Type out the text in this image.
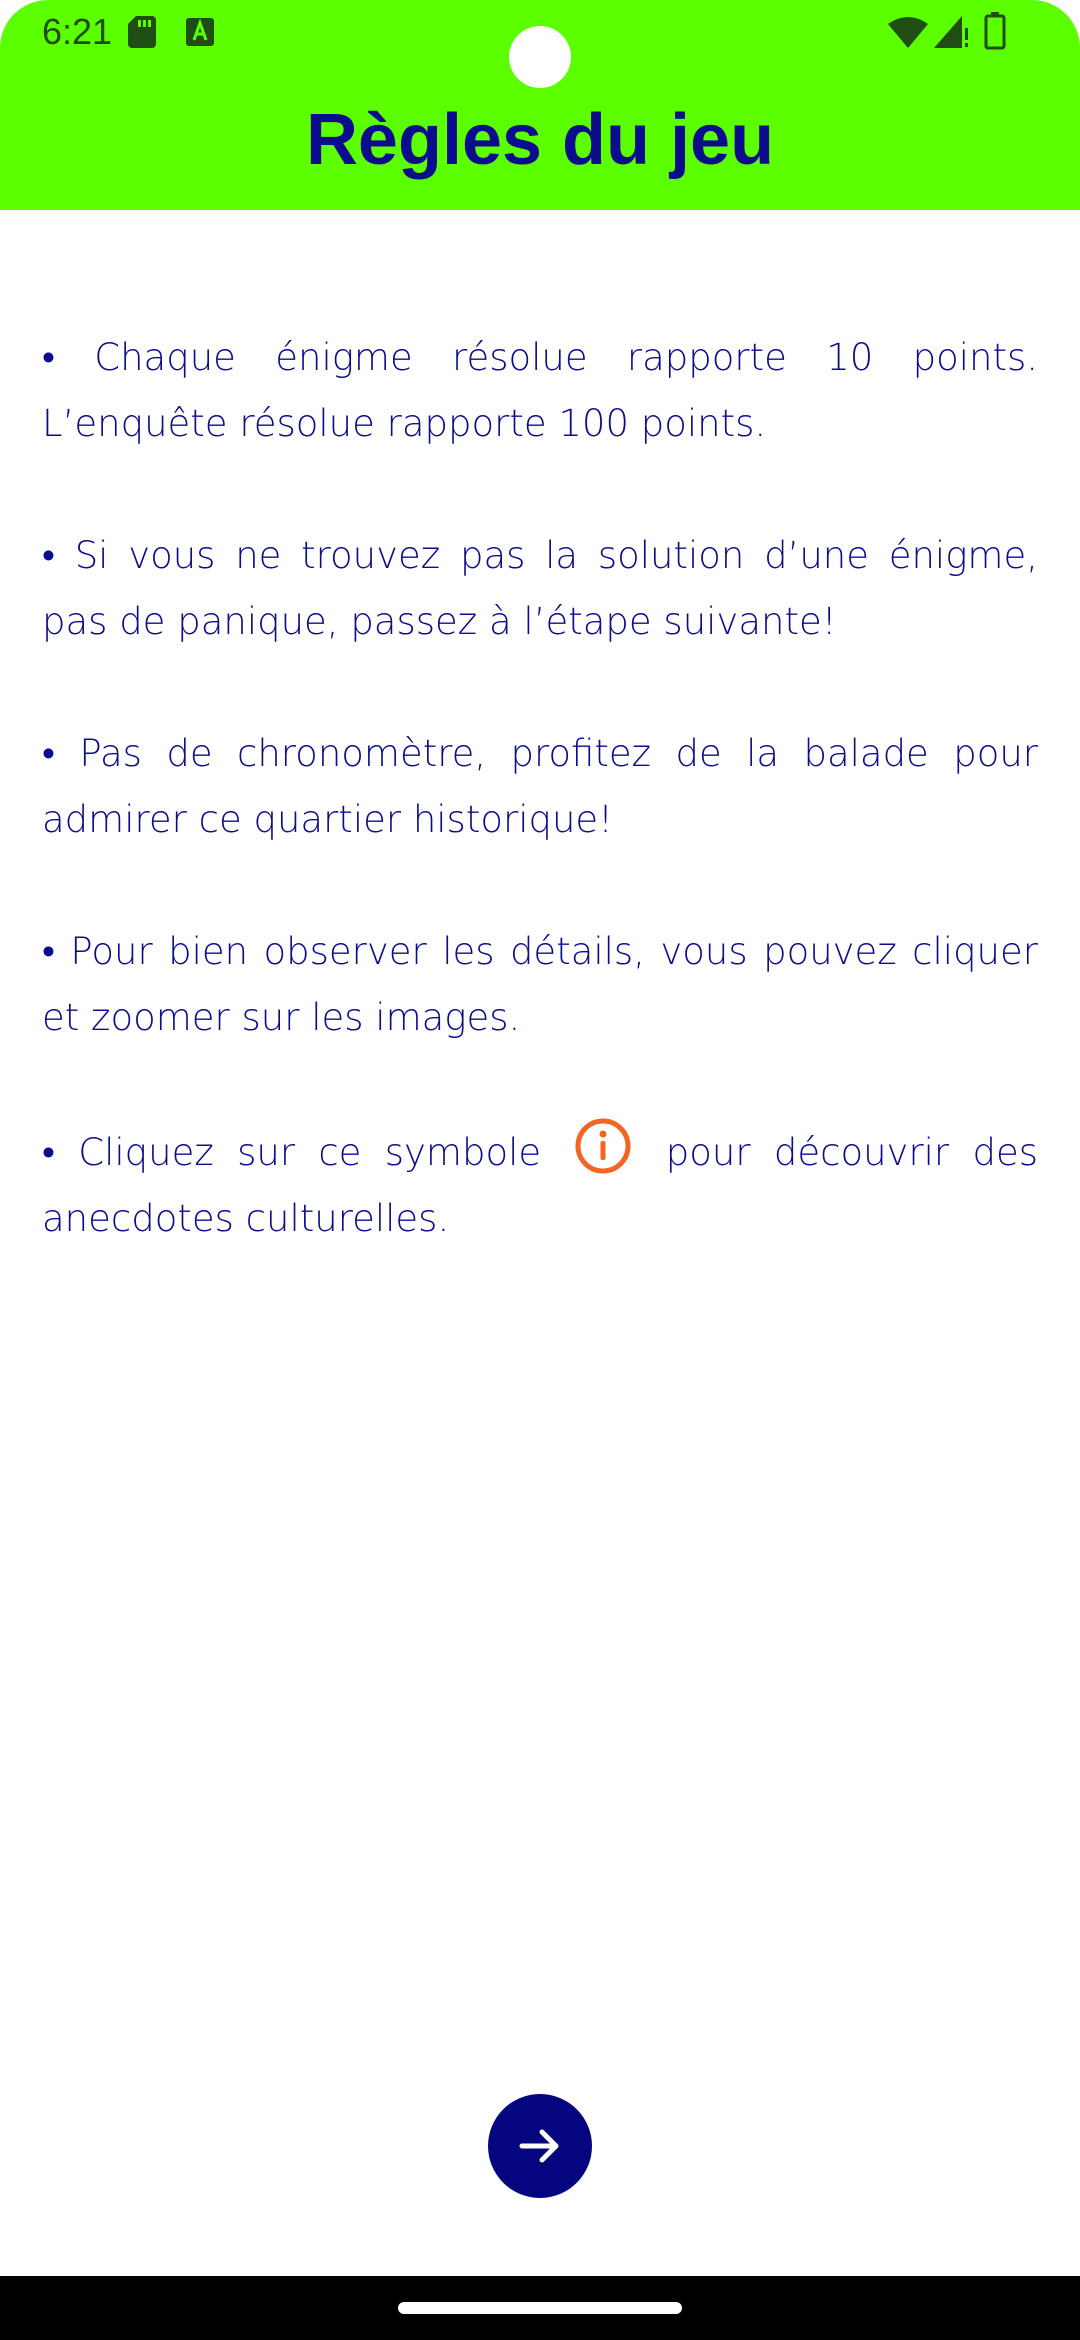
6:21
Règles du jeu

• Chaque énigme résolue rapporte 10 points. L’enquête résolue rapporte 100 points.

• Si vous ne trouvez pas la solution d’une énigme, pas de panique, passez à l’étape suivante!

• Pas de chronomètre, profitez de la balade pour admirer ce quartier historique!

• Pour bien observer les détails, vous pouvez cliquer et zoomer sur les images.

• Cliquez sur ce symbole	pour découvrir des anecdotes culturelles.
